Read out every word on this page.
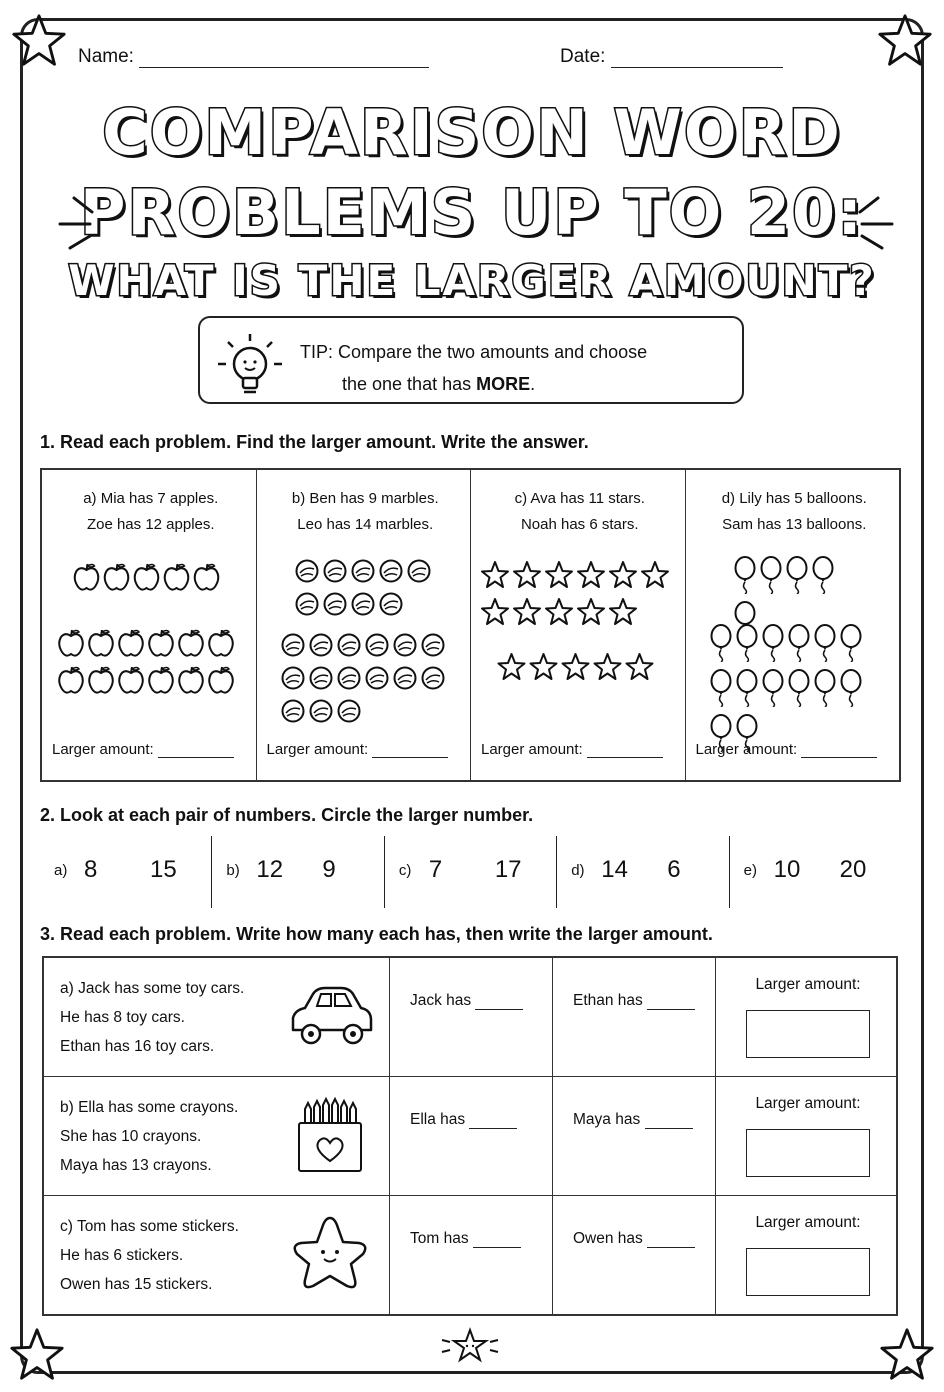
Name:	Date:
COMPARISON WORD
PROBLEMS UP TO 20:
WHAT IS THE LARGER AMOUNT?
TIP: Compare the two amounts and choose
the one that has MORE.
1. Read each problem. Find the larger amount. Write the answer.
a) Mia has 7 apples.
Zoe has 12 apples.
Larger amount:
b) Ben has 9 marbles.
Leo has 14 marbles.
Larger amount:
c) Ava has 11 stars.
Noah has 6 stars.
Larger amount:
d) Lily has 5 balloons.
Sam has 13 balloons.
Larger amount:
2. Look at each pair of numbers. Circle the larger number.
a) 8 15	b) 12 9	c) 7 17	d) 14 6	e) 10 20
3. Read each problem. Write how many each has, then write the larger amount.
a) Jack has some toy cars.
He has 8 toy cars.
Ethan has 16 toy cars.
Jack has	Ethan has
Larger amount:
b) Ella has some crayons.
She has 10 crayons.
Maya has 13 crayons.
Ella has	Maya has
Larger amount:
c) Tom has some stickers.
He has 6 stickers.
Owen has 15 stickers.
Tom has	Owen has
Larger amount:
